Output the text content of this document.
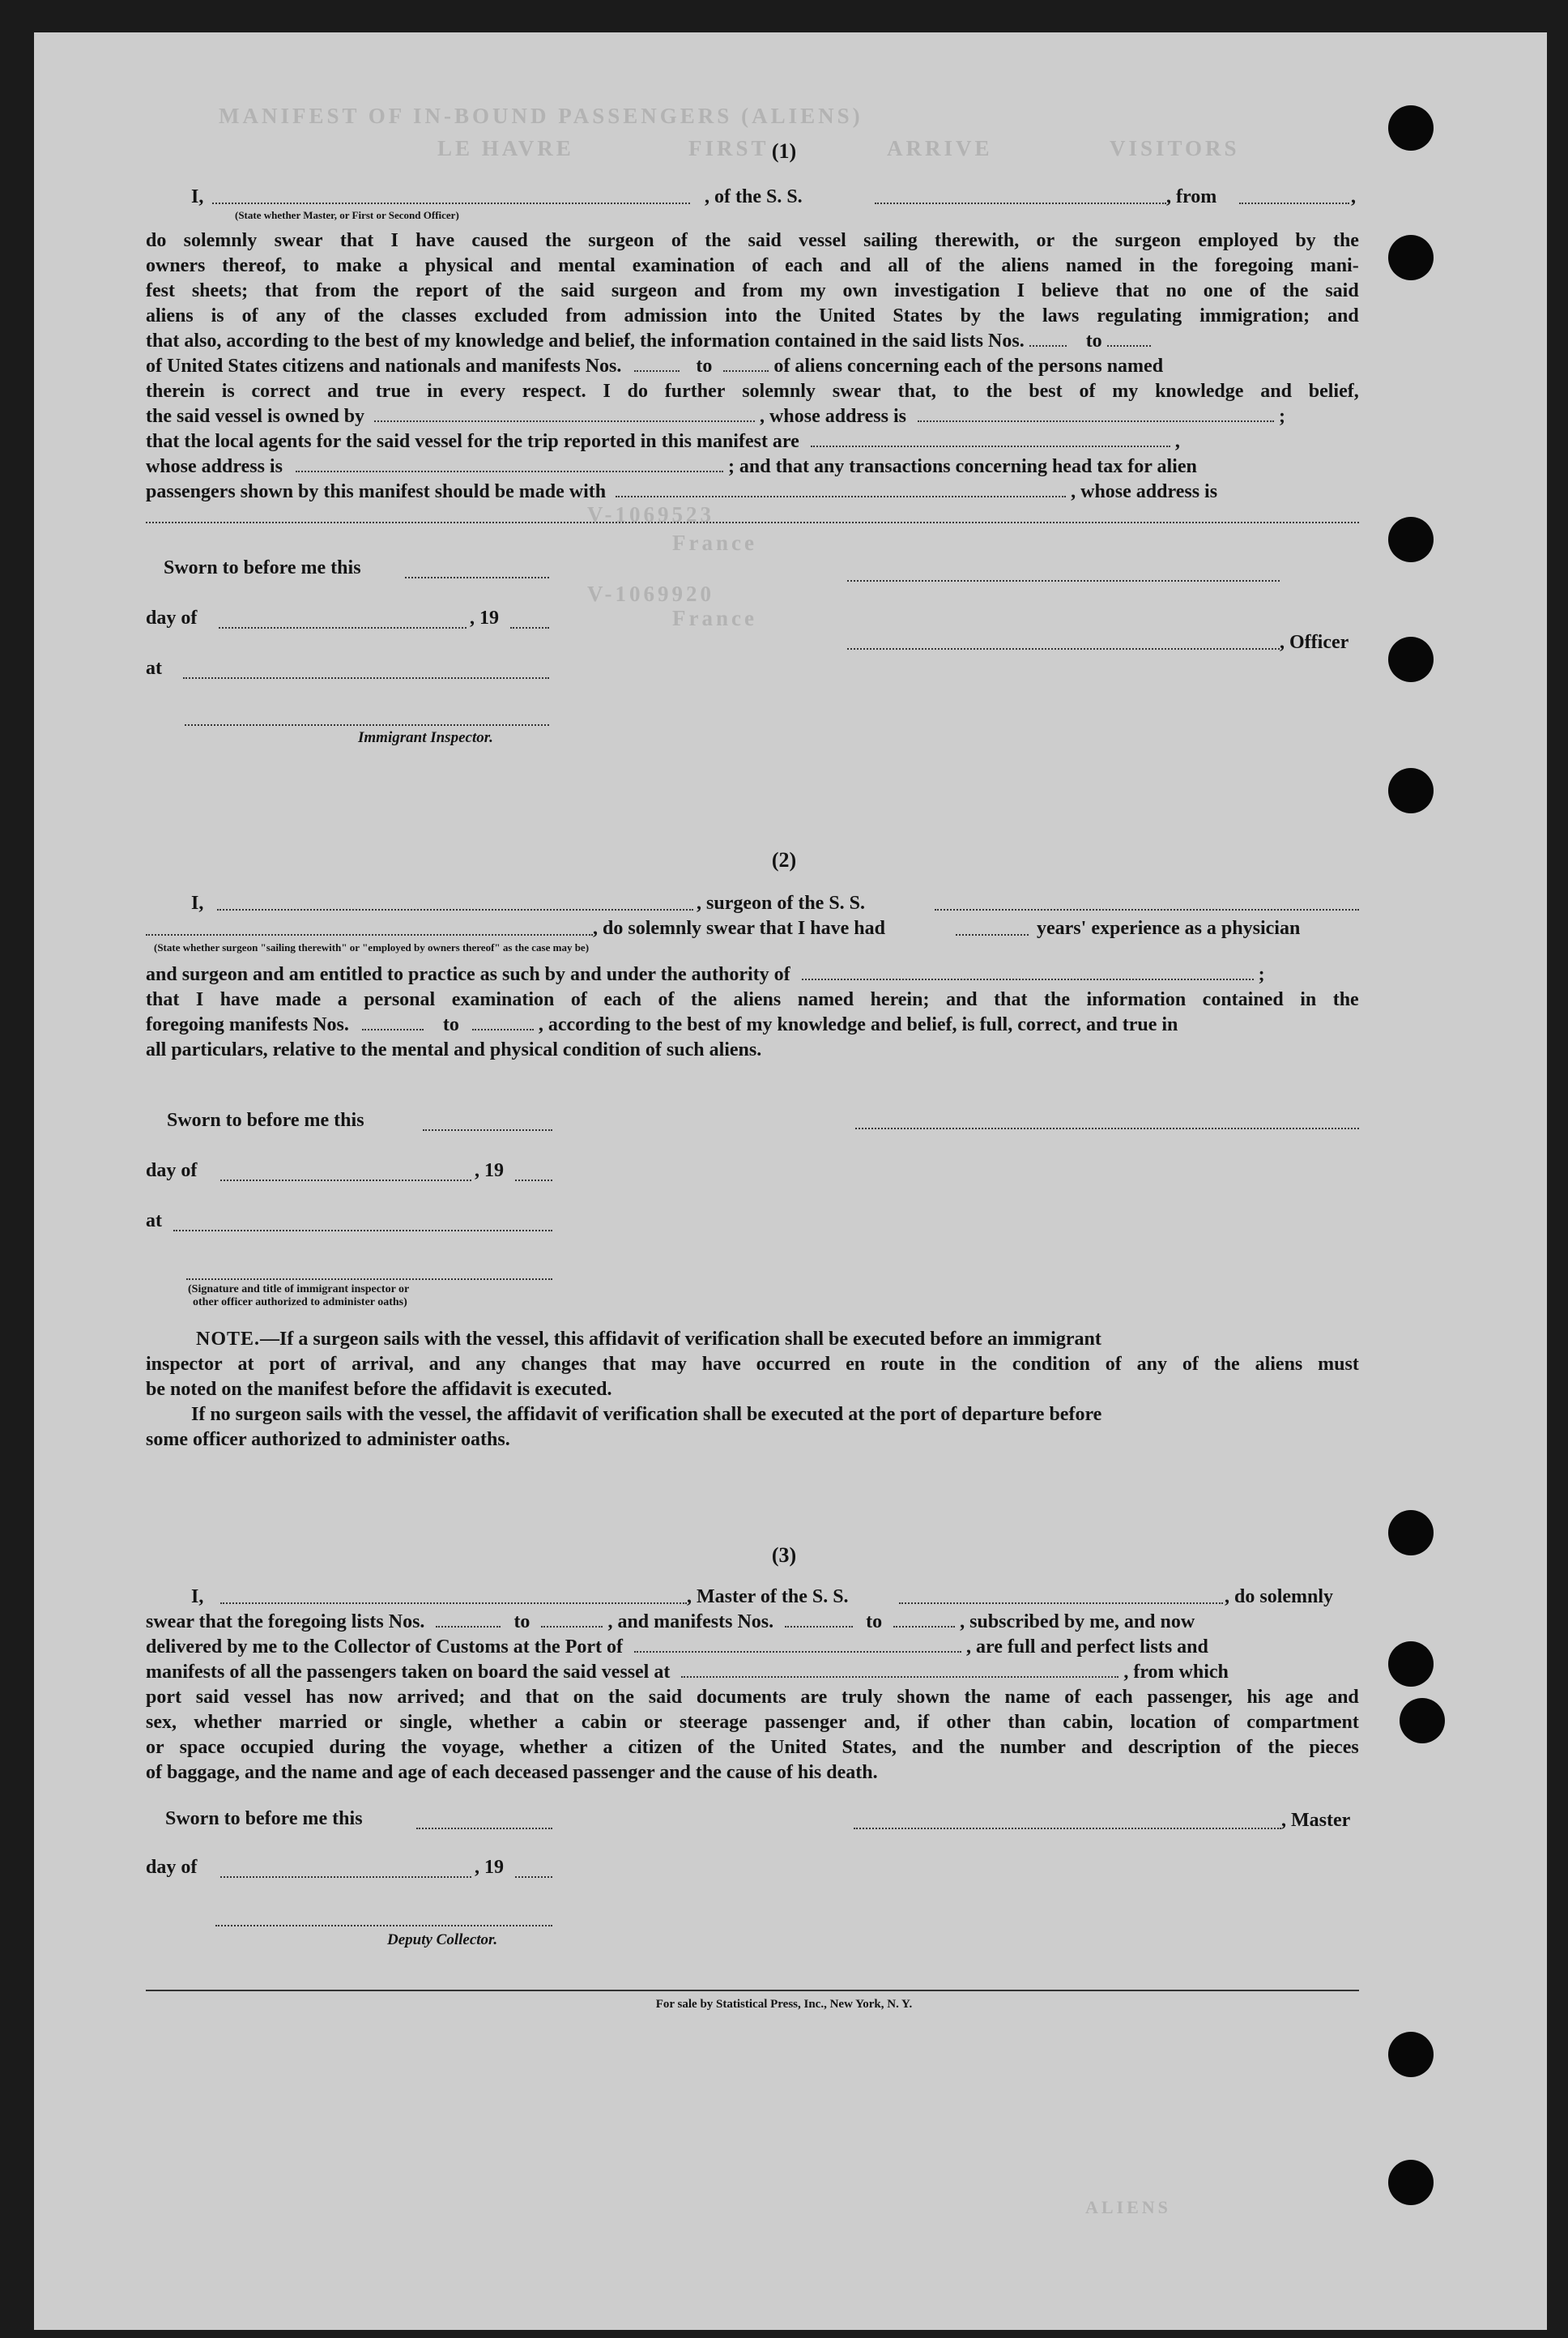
VISITORS
LE HAVRE
MANIFEST OF IN-BOUND PASSENGERS (ALIENS)
FIRST	ARRIVE
V-1069523
France
V-1069920
France
ALIENS
(1)
I,	, of the S. S.	, from	,
(State whether Master, or First or Second Officer)
do solemnly swear that I have caused the surgeon of the said vessel sailing therewith, or the surgeon employed by the
owners thereof, to make a physical and mental examination of each and all of the aliens named in the foregoing mani-
fest sheets; that from the report of the said surgeon and from my own investigation I believe that no one of the said
aliens is of any of the classes excluded from admission into the United States by the laws regulating immigration; and
that also, according to the best of my knowledge and belief, the information contained in the said lists Nos.	to
of United States citizens and nationals and manifests Nos.	to	of aliens concerning each of the persons named
therein is correct and true in every respect. I do further solemnly swear that, to the best of my knowledge and belief,
the said vessel is owned by	, whose address is	;
that the local agents for the said vessel for the trip reported in this manifest are	,
whose address is	; and that any transactions concerning head tax for alien
passengers shown by this manifest should be made with	, whose address is
Sworn to before me this
day of	, 19
at
Immigrant Inspector.
, Officer
(2)
I,	, surgeon of the S. S.
, do solemnly swear that I have had	years' experience as a physician
(State whether surgeon "sailing therewith" or "employed by owners thereof" as the case may be)
and surgeon and am entitled to practice as such by and under the authority of	;
that I have made a personal examination of each of the aliens named herein; and that the information contained in the
foregoing manifests Nos.	to	, according to the best of my knowledge and belief, is full, correct, and true in
all particulars, relative to the mental and physical condition of such aliens.
Sworn to before me this
day of	, 19
at
(Signature and title of immigrant inspector or
other officer authorized to administer oaths)
NOTE.—If a surgeon sails with the vessel, this affidavit of verification shall be executed before an immigrant
inspector at port of arrival, and any changes that may have occurred en route in the condition of any of the aliens must
be noted on the manifest before the affidavit is executed.
If no surgeon sails with the vessel, the affidavit of verification shall be executed at the port of departure before
some officer authorized to administer oaths.
(3)
I,	, Master of the S. S.	, do solemnly
swear that the foregoing lists Nos.	to	, and manifests Nos.	to	, subscribed by me, and now
delivered by me to the Collector of Customs at the Port of	, are full and perfect lists and
manifests of all the passengers taken on board the said vessel at	, from which
port said vessel has now arrived; and that on the said documents are truly shown the name of each passenger, his age and
sex, whether married or single, whether a cabin or steerage passenger and, if other than cabin, location of compartment
or space occupied during the voyage, whether a citizen of the United States, and the number and description of the pieces
of baggage, and the name and age of each deceased passenger and the cause of his death.
Sworn to before me this	, Master
day of	, 19
Deputy Collector.
For sale by Statistical Press, Inc., New York, N. Y.
